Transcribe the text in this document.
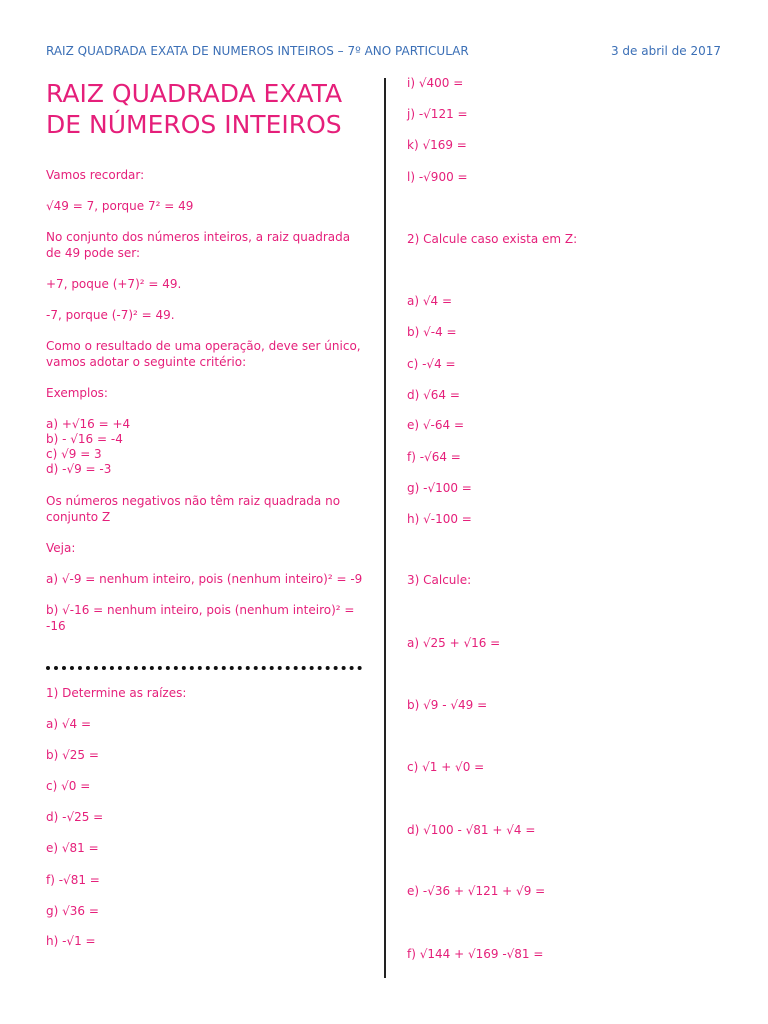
RAIZ QUADRADA EXATA DE NUMEROS INTEIROS – 7º ANO PARTICULAR	3 de abril de 2017
RAIZ QUADRADA EXATA DE NÚMEROS INTEIROS
Vamos recordar:
√49 = 7, porque 7² = 49
No conjunto dos números inteiros, a raiz quadrada de 49 pode ser:
+7, poque (+7)² = 49.
-7, porque (-7)² = 49.
Como o resultado de uma operação, deve ser único, vamos adotar o seguinte critério:
Exemplos:
a) +√16 = +4
b) - √16 = -4
c) √9 = 3
d) -√9 = -3
Os números negativos não têm raiz quadrada no conjunto Z
Veja:
a) √-9 = nenhum inteiro, pois (nenhum inteiro)² = -9
b) √-16 = nenhum inteiro, pois (nenhum inteiro)² = -16
1) Determine as raízes:
a) √4 =
b) √25 =
c) √0 =
d) -√25 =
e) √81 =
f) -√81 =
g) √36 =
h) -√1 =
i) √400 =
j) -√121 =
k) √169 =
l) -√900 =
2) Calcule caso exista em Z:
a) √4 =
b) √-4 =
c) -√4 =
d) √64 =
e) √-64 =
f) -√64 =
g) -√100 =
h) √-100 =
3) Calcule:
a) √25 + √16 =
b) √9 - √49 =
c) √1 + √0 =
d) √100 - √81 + √4 =
e) -√36 + √121 + √9 =
f) √144 + √169 -√81 =
